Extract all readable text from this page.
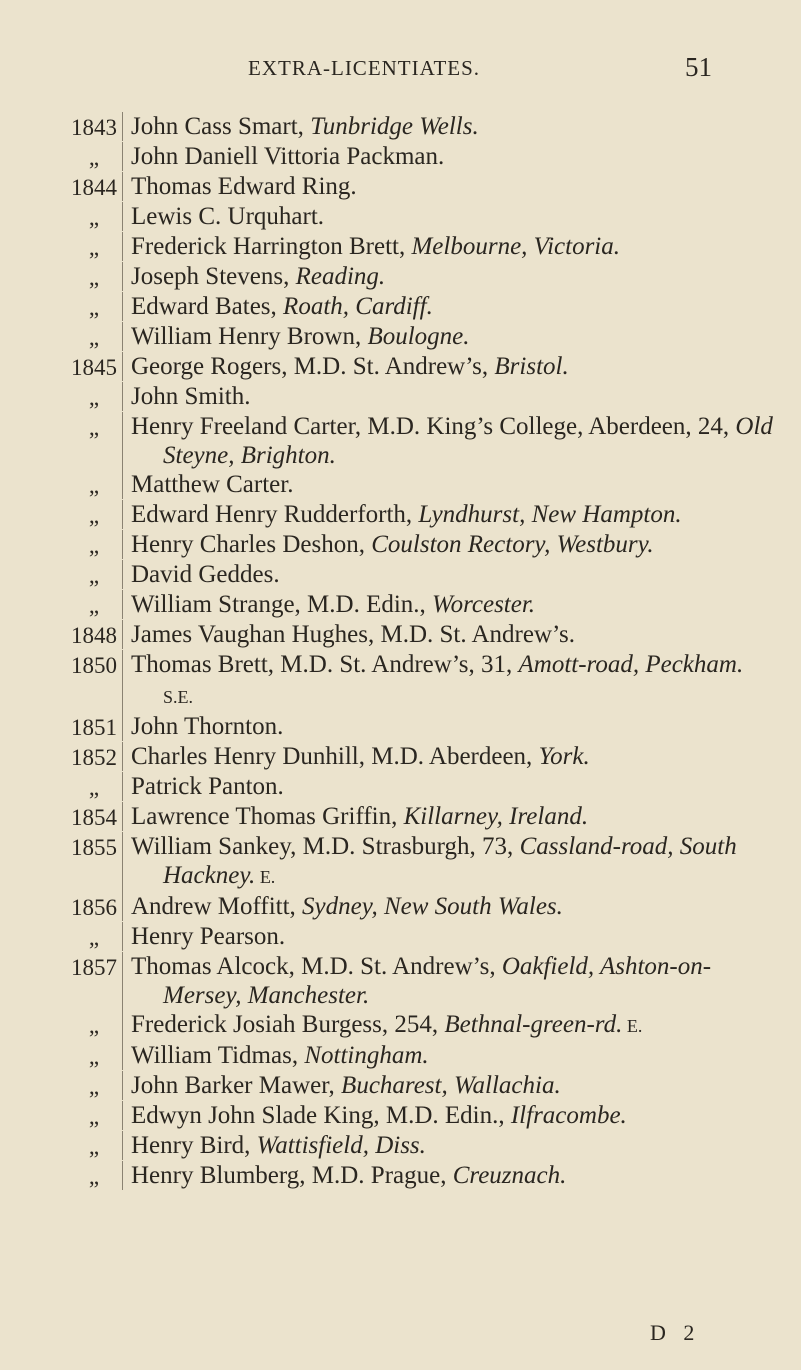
EXTRA-LICENTIATES.	51
1843 John Cass Smart, Tunbridge Wells.
„	John Daniell Vittoria Packman.
1844 Thomas Edward Ring.
„	Lewis C. Urquhart.
„	Frederick Harrington Brett, Melbourne, Victoria.
„	Joseph Stevens, Reading.
„	Edward Bates, Roath, Cardiff.
„	William Henry Brown, Boulogne.
1845 George Rogers, M.D. St. Andrew’s, Bristol.
„	John Smith.
„	Henry Freeland Carter, M.D. King’s College, Aberdeen, 24, Old Steyne, Brighton.
„	Matthew Carter.
„	Edward Henry Rudderforth, Lyndhurst, New Hampton.
„	Henry Charles Deshon, Coulston Rectory, Westbury.
„	David Geddes.
„	William Strange, M.D. Edin., Worcester.
1848 James Vaughan Hughes, M.D. St. Andrew’s.
1850 Thomas Brett, M.D. St. Andrew’s, 31, Amott-road, Peckham. S.E.
1851 John Thornton.
1852 Charles Henry Dunhill, M.D. Aberdeen, York.
„	Patrick Panton.
1854 Lawrence Thomas Griffin, Killarney, Ireland.
1855 William Sankey, M.D. Strasburgh, 73, Cassland-road, South Hackney. E.
1856 Andrew Moffitt, Sydney, New South Wales.
„	Henry Pearson.
1857 Thomas Alcock, M.D. St. Andrew’s, Oakfield, Ashton-on-Mersey, Manchester.
„	Frederick Josiah Burgess, 254, Bethnal-green-rd. E.
„	William Tidmas, Nottingham.
„	John Barker Mawer, Bucharest, Wallachia.
„	Edwyn John Slade King, M.D. Edin., Ilfracombe.
„	Henry Bird, Wattisfield, Diss.
„	Henry Blumberg, M.D. Prague, Creuznach.
D 2
